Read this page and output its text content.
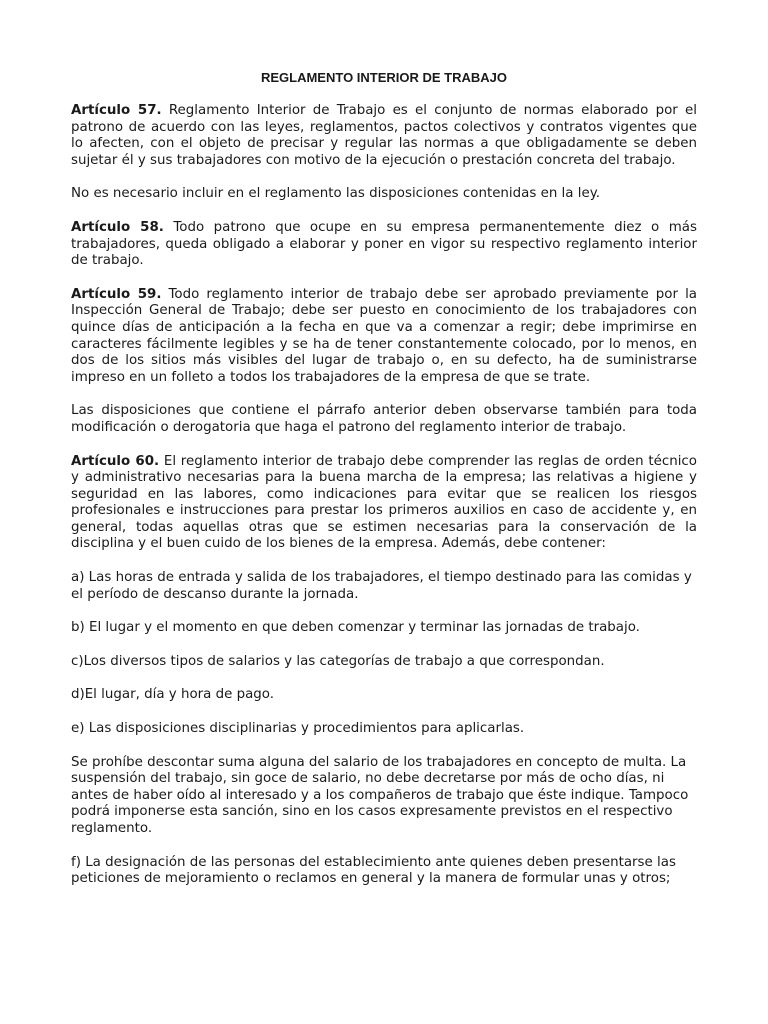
REGLAMENTO INTERIOR DE TRABAJO

Artículo 57. Reglamento Interior de Trabajo es el conjunto de normas elaborado por el patrono de acuerdo con las leyes, reglamentos, pactos colectivos y contratos vigentes que lo afecten, con el objeto de precisar y regular las normas a que obligadamente se deben sujetar él y sus trabajadores con motivo de la ejecución o prestación concreta del trabajo.

No es necesario incluir en el reglamento las disposiciones contenidas en la ley.

Artículo 58. Todo patrono que ocupe en su empresa permanentemente diez o más trabajadores, queda obligado a elaborar y poner en vigor su respectivo reglamento interior de trabajo.

Artículo 59. Todo reglamento interior de trabajo debe ser aprobado previamente por la Inspección General de Trabajo; debe ser puesto en conocimiento de los trabajadores con quince días de anticipación a la fecha en que va a comenzar a regir; debe imprimirse en caracteres fácilmente legibles y se ha de tener constantemente colocado, por lo menos, en dos de los sitios más visibles del lugar de trabajo o, en su defecto, ha de suministrarse impreso en un folleto a todos los trabajadores de la empresa de que se trate.

Las disposiciones que contiene el párrafo anterior deben observarse también para toda modificación o derogatoria que haga el patrono del reglamento interior de trabajo.

Artículo 60. El reglamento interior de trabajo debe comprender las reglas de orden técnico y administrativo necesarias para la buena marcha de la empresa; las relativas a higiene y seguridad en las labores, como indicaciones para evitar que se realicen los riesgos profesionales e instrucciones para prestar los primeros auxilios en caso de accidente y, en general, todas aquellas otras que se estimen necesarias para la conservación de la disciplina y el buen cuido de los bienes de la empresa. Además, debe contener:

a) Las horas de entrada y salida de los trabajadores, el tiempo destinado para las comidas y el período de descanso durante la jornada.

b) El lugar y el momento en que deben comenzar y terminar las jornadas de trabajo.

c)Los diversos tipos de salarios y las categorías de trabajo a que correspondan.

d)El lugar, día y hora de pago.

e) Las disposiciones disciplinarias y procedimientos para aplicarlas.

Se prohíbe descontar suma alguna del salario de los trabajadores en concepto de multa. La suspensión del trabajo, sin goce de salario, no debe decretarse por más de ocho días, ni antes de haber oído al interesado y a los compañeros de trabajo que éste indique. Tampoco podrá imponerse esta sanción, sino en los casos expresamente previstos en el respectivo reglamento.

f) La designación de las personas del establecimiento ante quienes deben presentarse las peticiones de mejoramiento o reclamos en general y la manera de formular unas y otros;
